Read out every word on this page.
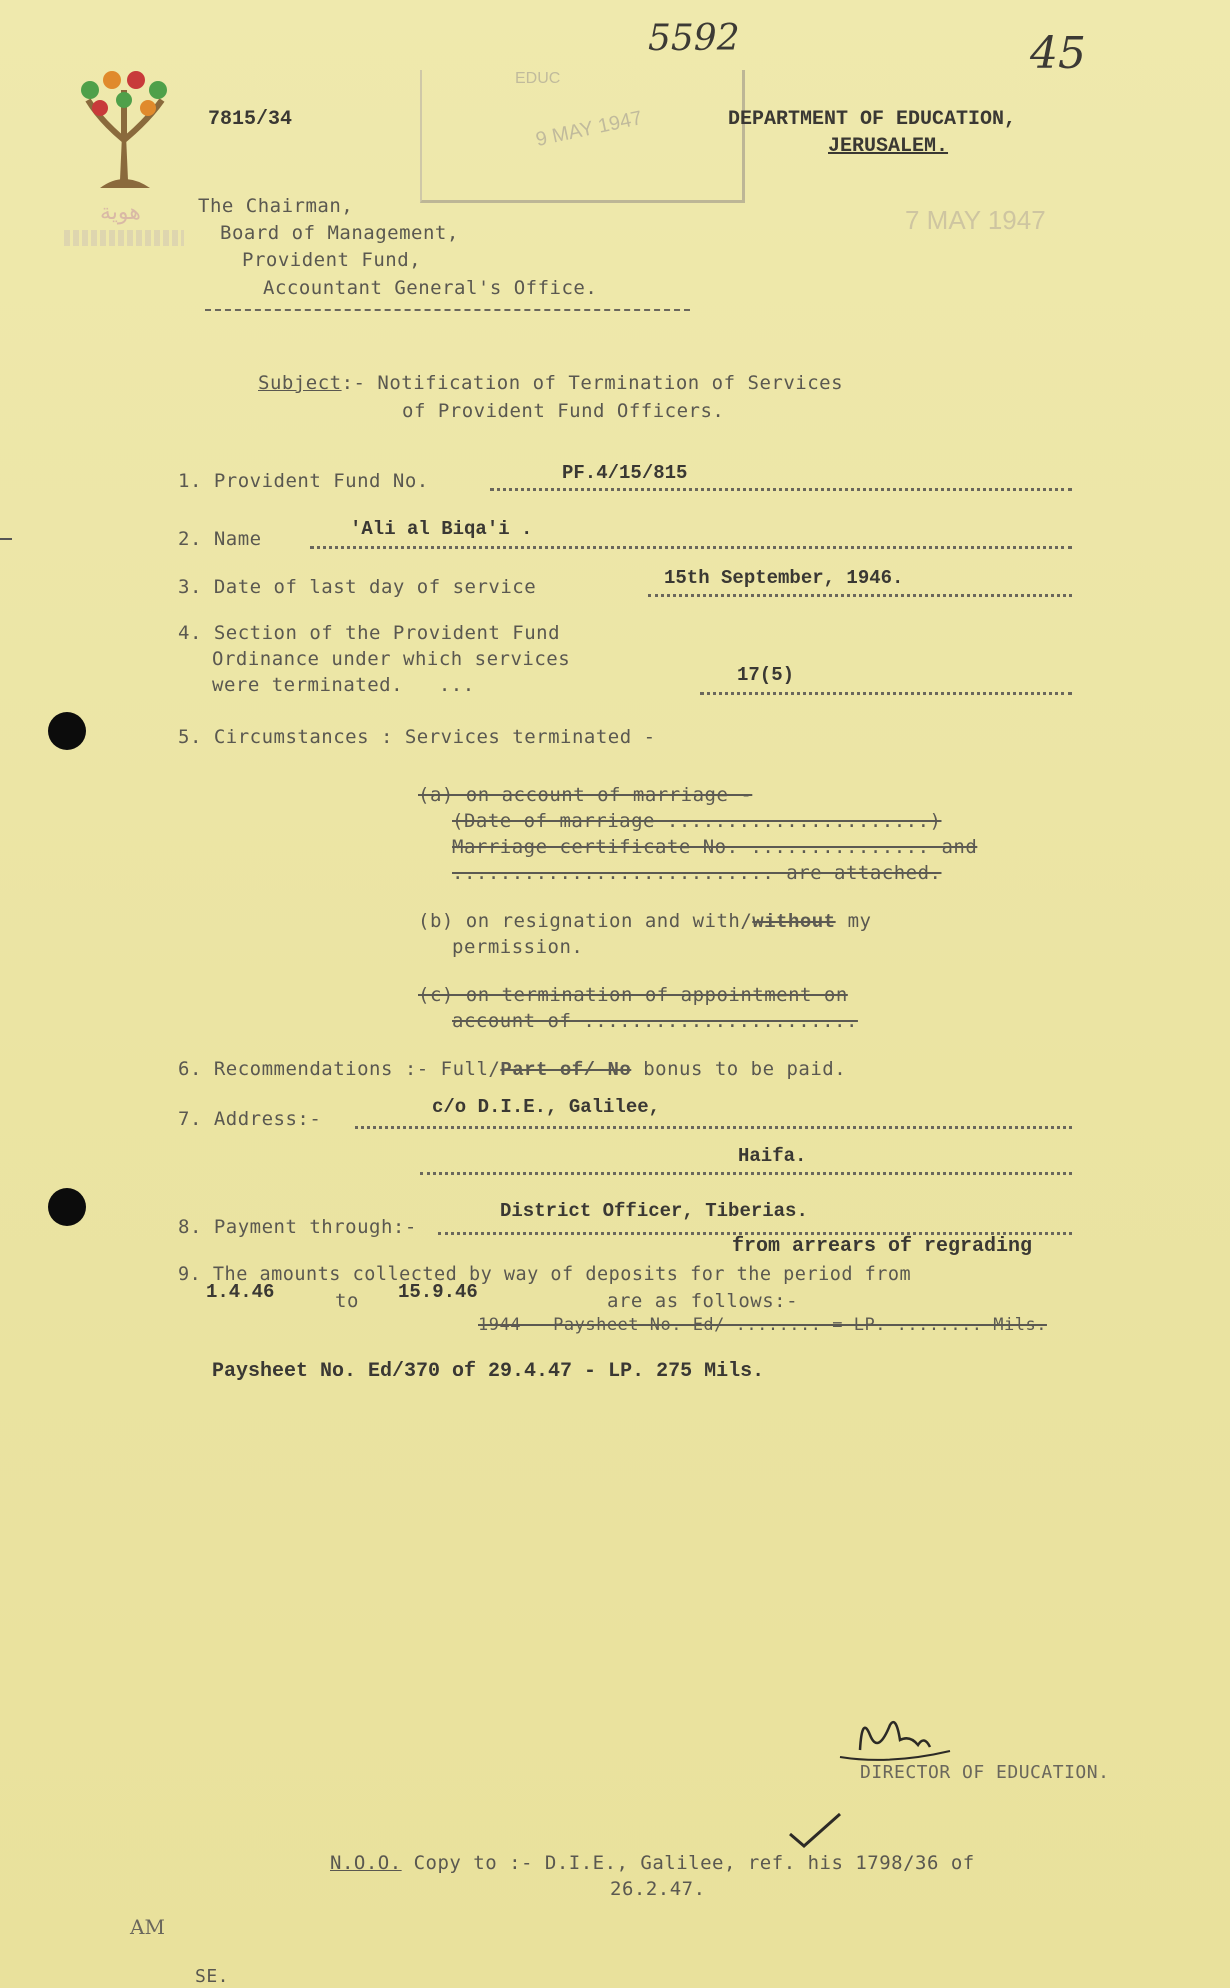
هوية
5592	45
7815/34
EDUC
9 MAY 1947	DEPARTMENT OF EDUCATION,
JERUSALEM.
7 MAY 1947
The Chairman,
Board of Management,
Provident Fund,
Accountant General's Office.
Subject:- Notification of Termination of Services
of Provident Fund Officers.
1. Provident Fund No.	PF.4/15/815
2. Name	'Ali al Biqa'i .
3. Date of last day of service	15th September, 1946.
4. Section of the Provident Fund
Ordinance under which services
were terminated.   ...	17(5)
5. Circumstances : Services terminated -
(a) on account of marriage -
(Date of marriage ......................)
Marriage certificate No. ............... and
........................... are attached.
(b) on resignation and with/without my
permission.
(c) on termination of appointment on
account of .......................
6. Recommendations :- Full/Part of/ No bonus to be paid.
7. Address:-
c/o D.I.E., Galilee,
Haifa.
8. Payment through:-
District Officer, Tiberias.
from arrears of regrading
9. The amounts collected by way of deposits for the period from
1.4.46	to 15.9.46	are as follows:-
1944 - Paysheet No. Ed/ ........ = LP. ........ Mils.
Paysheet No. Ed/370 of 29.4.47 - LP. 275 Mils.
DIRECTOR OF EDUCATION.
N.O.O. Copy to :- D.I.E., Galilee, ref. his 1798/36 of
26.2.47.
AM
SE.
